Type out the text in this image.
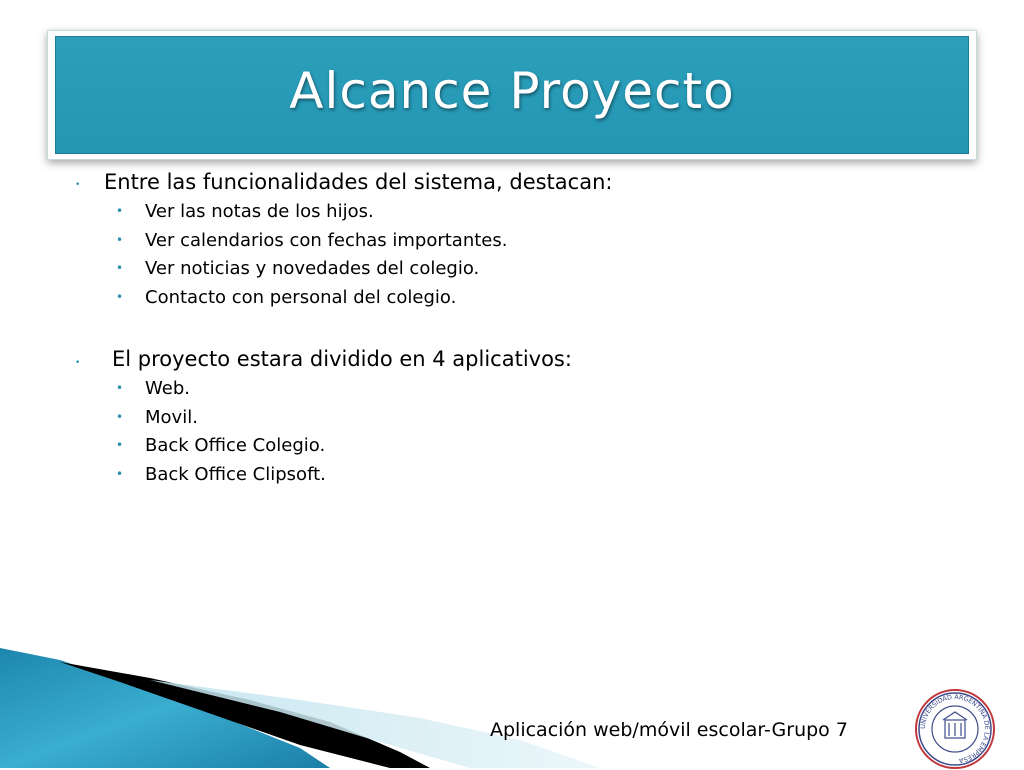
Alcance Proyecto
• Entre las funcionalidades del sistema, destacan:
• Ver las notas de los hijos.
• Ver calendarios con fechas importantes.
• Ver noticias y novedades del colegio.
• Contacto con personal del colegio.
• El proyecto estara dividido en 4 aplicativos:
• Web.
• Movil.
• Back Office Colegio.
• Back Office Clipsoft.
Aplicación web/móvil escolar-Grupo 7	UNIVERSIDAD ARGENTINA DE LA EMPRESA
